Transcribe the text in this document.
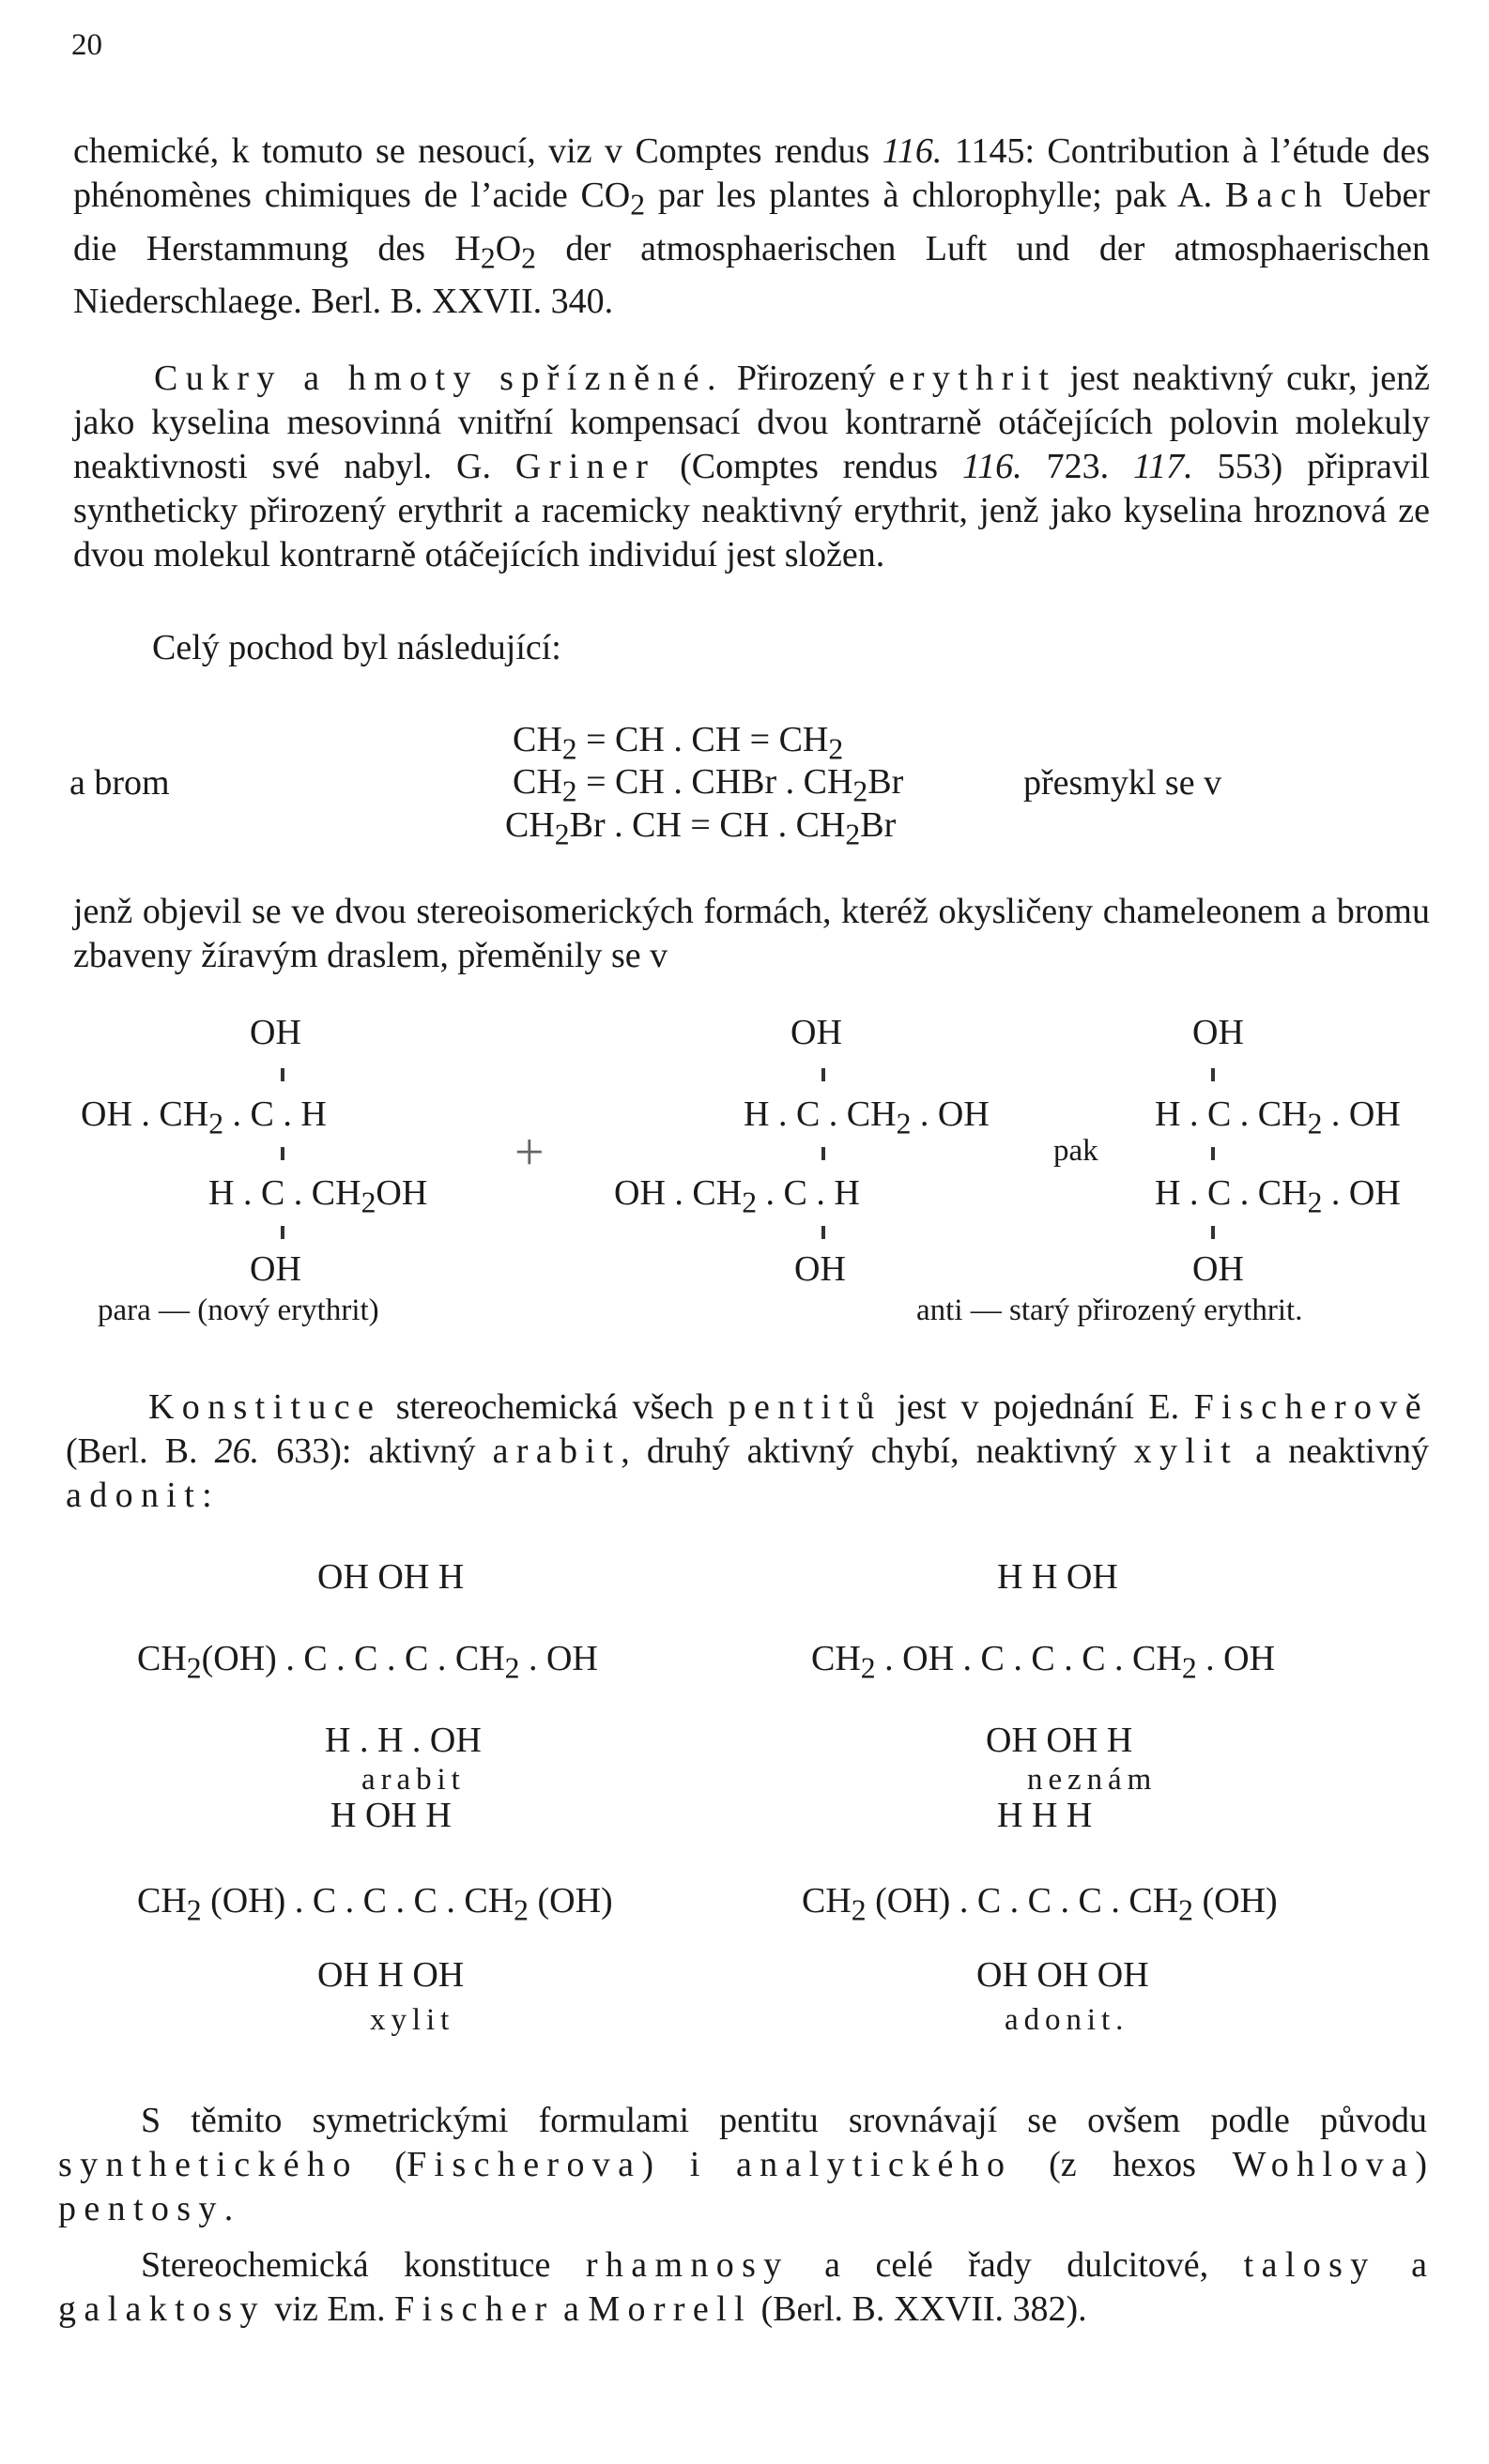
20
chemické, k tomuto se nesoucí, viz v Comptes rendus 116. 1145: Contribution à l’étude des phénomènes chimiques de l’acide $CO_2$ par les plantes à chlorophylle; pak A. Bach Ueber die Herstammung des $H_2O_2$ der atmosphaerischen Luft und der atmosphaerischen Niederschlaege. Berl. B. XXVII. 340.
Cukry a hmoty spřízněné. Přirozený erythrit jest neaktivný cukr, jenž jako kyselina mesovinná vnitřní kompensací dvou kontrarně otáčejících polovin molekuly neaktivnosti své nabyl. G. Griner (Comptes rendus 116. 723. 117. 553) připravil syntheticky přirozený erythrit a racemicky neaktivný erythrit, jenž jako kyselina hroznová ze dvou molekul kontrarně otáčejících individuí jest složen.
Celý pochod byl následující:
$CH_2$ = CH . CH = $CH_2$
a brom	$CH_2$ = CH . CHBr . $CH_2Br$	přesmykl se v
$CH_2Br$ . CH = CH . $CH_2Br$
jenž objevil se ve dvou stereoisomerických formách, kteréž okysličeny chameleonem a bromu zbaveny žíravým draslem, přeměnily se v
OH
OH . $CH_2$ . C . H
H . C . $CH_2OH$
OH
para — (nový erythrit)
+
OH
H . C . $CH_2$ . OH
OH . $CH_2$ . C . H
OH
pak
OH
H . C . $CH_2$ . OH
H . C . $CH_2$ . OH
OH
anti — starý přirozený erythrit.
Konstituce stereochemická všech pentitů jest v pojednání E. Fischerově (Berl. B. 26. 633): aktivný arabit, druhý aktivný chybí, neaktivný xylit a neaktivný adonit:
OH OH H
$CH_2(OH)$ . C . C . C . $CH_2$ . OH
H . H . OH
arabit
H H OH
$CH_2$ . OH . C . C . C . $CH_2$ . OH
OH OH H
neznám
H OH H
$CH_2$ (OH) . C . C . C . $CH_2$ (OH)
OH H OH
xylit
H H H
$CH_2$ (OH) . C . C . C . $CH_2$ (OH)
OH OH OH
adonit.
S těmito symetrickými formulami pentitu srovnávají se ovšem podle původu synthetického (Fischerova) i analytického (z hexos Wohlova) pentosy.
Stereochemická konstituce rhamnosy a celé řady dulcitové, talosy a galaktosy viz Em. Fischer a Morrell (Berl. B. XXVII. 382).
